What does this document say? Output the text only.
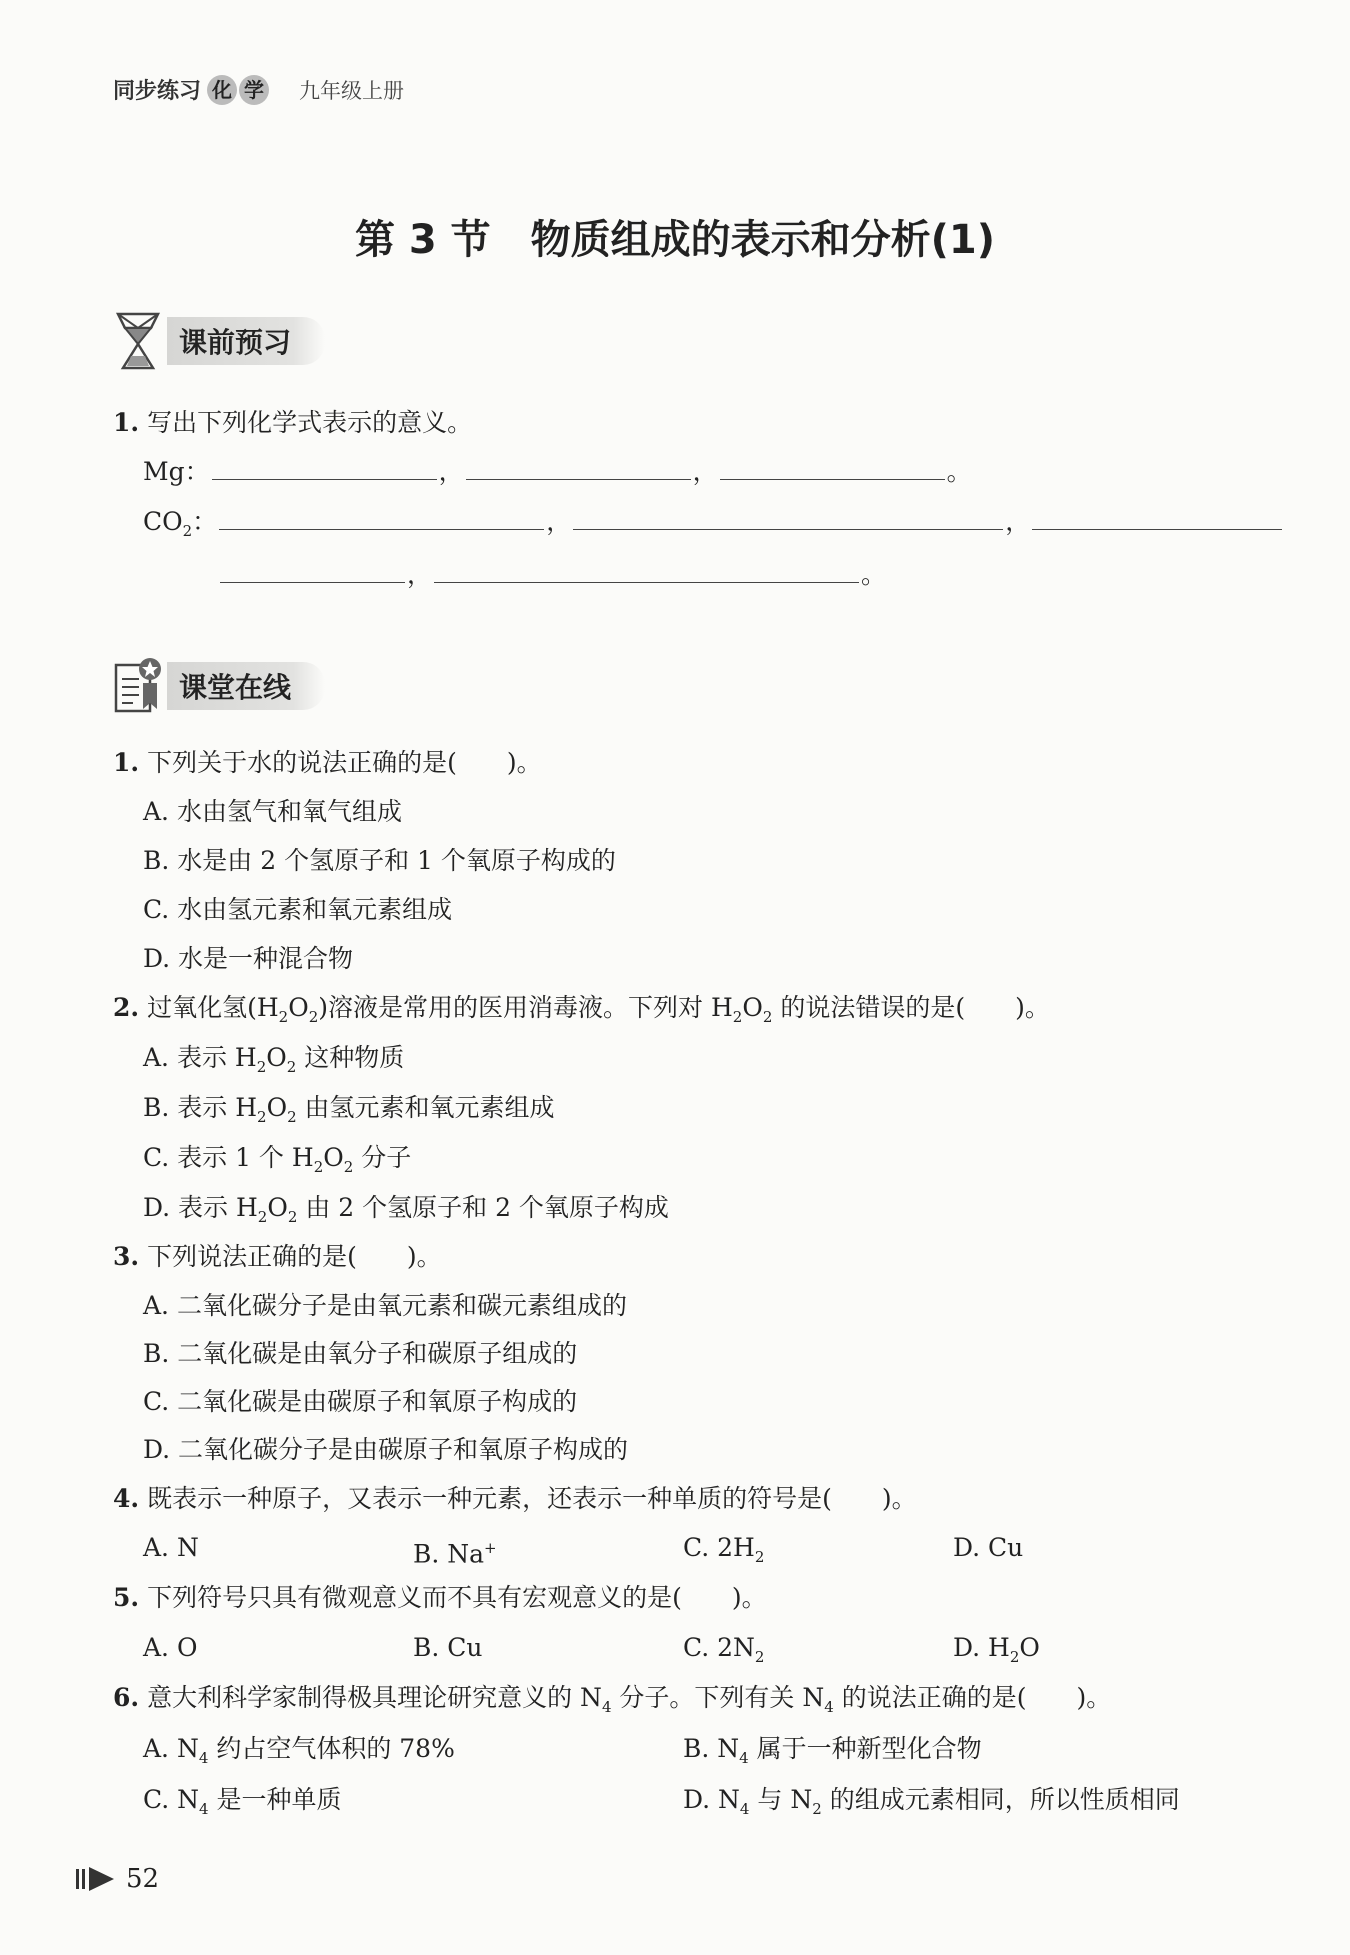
同步练习 化 学 九年级上册
第 3 节　物质组成的表示和分析(1)
课前预习
1. 写出下列化学式表示的意义。
Mg：	，	，	。
$CO_2$：	，	，
，	。
课堂在线
1. 下列关于水的说法正确的是(　　)。
A. 水由氢气和氧气组成
B. 水是由 2 个氢原子和 1 个氧原子构成的
C. 水由氢元素和氧元素组成
D. 水是一种混合物
2. 过氧化氢$(H_2O_2)$溶液是常用的医用消毒液。下列对 $H_2O_2$ 的说法错误的是(　　)。
A. 表示 $H_2O_2$ 这种物质
B. 表示 $H_2O_2$ 由氢元素和氧元素组成
C. 表示 1 个 $H_2O_2$ 分子
D. 表示 $H_2O_2$ 由 2 个氢原子和 2 个氧原子构成
3. 下列说法正确的是(　　)。
A. 二氧化碳分子是由氧元素和碳元素组成的
B. 二氧化碳是由氧分子和碳原子组成的
C. 二氧化碳是由碳原子和氧原子构成的
D. 二氧化碳分子是由碳原子和氧原子构成的
4. 既表示一种原子，又表示一种元素，还表示一种单质的符号是(　　)。
A. N	B. Na+	C. $2H_2$	D. Cu
5. 下列符号只具有微观意义而不具有宏观意义的是(　　)。
A. O	B. Cu	C. $2N_2$	D. $H_2O$
6. 意大利科学家制得极具理论研究意义的 $N_4$ 分子。下列有关 $N_4$ 的说法正确的是(　　)。
A. $N_4$ 约占空气体积的 78%	B. $N_4$ 属于一种新型化合物
C. $N_4$ 是一种单质	D. $N_4$ 与 $N_2$ 的组成元素相同，所以性质相同
52
